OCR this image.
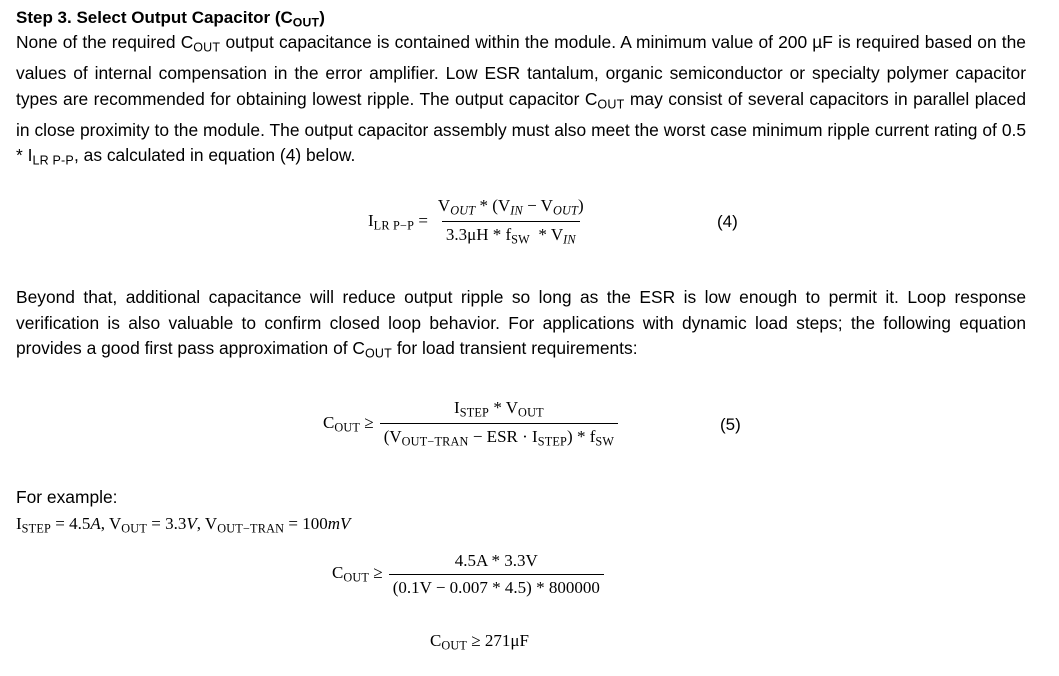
Step 3. Select Output Capacitor $(C_{OUT})$
None of the required $C_{OUT}$ output capacitance is contained within the module. A minimum value of 200 µF is required based on the values of internal compensation in the error amplifier. Low ESR tantalum, organic semiconductor or specialty polymer capacitor types are recommended for obtaining lowest ripple. The output capacitor $C_{OUT}$ may consist of several capacitors in parallel placed in close proximity to the module. The output capacitor assembly must also meet the worst case minimum ripple current rating of $0.5 * I_{LR P-P}$, as calculated in equation (4) below.
$I_{LR P-P} = \frac{V_{OUT} * (V_{IN} - V_{OUT})}{3.3\mu H * f_{SW} * V_{IN}}$	(4)
Beyond that, additional capacitance will reduce output ripple so long as the ESR is low enough to permit it. Loop response verification is also valuable to confirm closed loop behavior. For applications with dynamic load steps; the following equation provides a good first pass approximation of $C_{OUT}$ for load transient requirements:
$C_{OUT} \ge \frac{I_{STEP} * V_{OUT}}{(V_{OUT-TRAN} - ESR \cdot I_{STEP}) * f_{SW}}$	(5)
For example:
$I_{STEP} = 4.5A$, $V_{OUT} = 3.3V$, $V_{OUT-TRAN} = 100mV$
$C_{OUT} \ge \frac{4.5A * 3.3V}{(0.1V - 0.007 * 4.5) * 800000}$
$C_{OUT} \ge 271\mu F$
